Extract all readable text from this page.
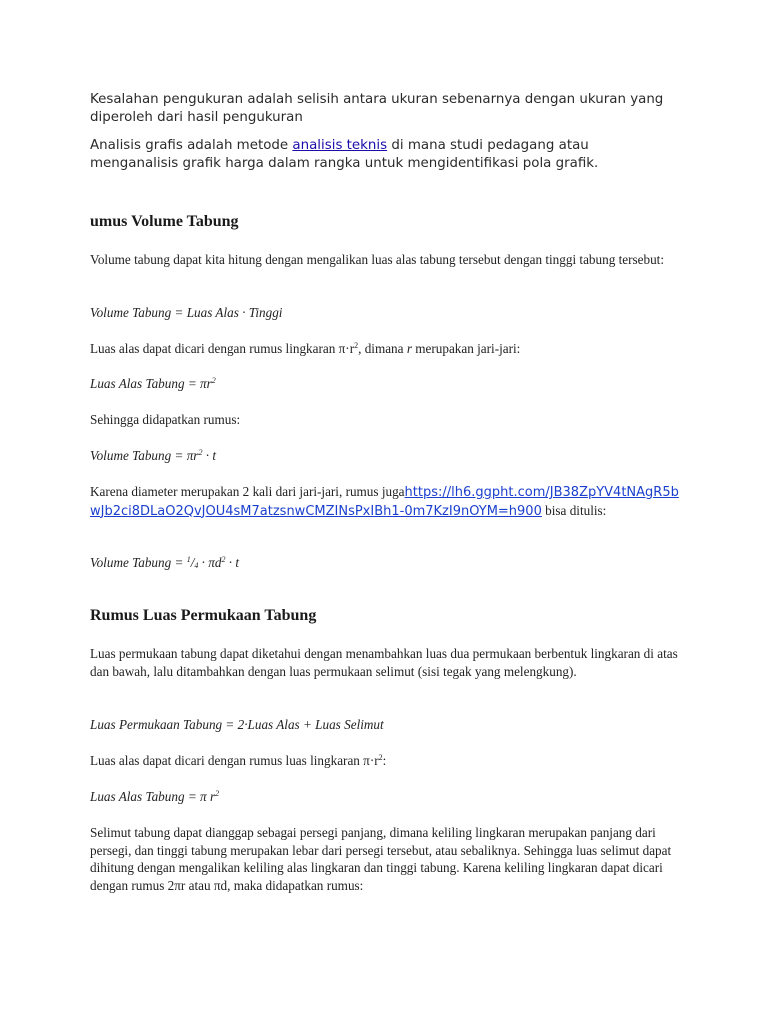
Kesalahan pengukuran adalah selisih antara ukuran sebenarnya dengan ukuran yang diperoleh dari hasil pengukuran

Analisis grafis adalah metode analisis teknis di mana studi pedagang atau menganalisis grafik harga dalam rangka untuk mengidentifikasi pola grafik.

umus Volume Tabung

Volume tabung dapat kita hitung dengan mengalikan luas alas tabung tersebut dengan tinggi tabung tersebut:

Volume Tabung = Luas Alas · Tinggi

Luas alas dapat dicari dengan rumus lingkaran $\pi\cdot r^2$, dimana r merupakan jari-jari:

Luas Alas Tabung = $\pi r^2$

Sehingga didapatkan rumus:

Volume Tabung = $\pi r^2 \cdot t$

Karena diameter merupakan 2 kali dari jari-jari, rumus jugahttps://lh6.ggpht.com/JB38ZpYV4tNAgR5bwJb2ci8DLaO2QvJOU4sM7atzsnwCMZINsPxIBh1-0m7KzI9nOYM=h900 bisa ditulis:

Volume Tabung = $^1/_4 \cdot \pi d^2 \cdot t$

Rumus Luas Permukaan Tabung

Luas permukaan tabung dapat diketahui dengan menambahkan luas dua permukaan berbentuk lingkaran di atas dan bawah, lalu ditambahkan dengan luas permukaan selimut (sisi tegak yang melengkung).

Luas Permukaan Tabung = 2·Luas Alas + Luas Selimut

Luas alas dapat dicari dengan rumus luas lingkaran $\pi\cdot r^2$:

Luas Alas Tabung = π $r^2$

Selimut tabung dapat dianggap sebagai persegi panjang, dimana keliling lingkaran merupakan panjang dari persegi, dan tinggi tabung merupakan lebar dari persegi tersebut, atau sebaliknya. Sehingga luas selimut dapat dihitung dengan mengalikan keliling alas lingkaran dan tinggi tabung. Karena keliling lingkaran dapat dicari dengan rumus 2πr atau πd, maka didapatkan rumus:
